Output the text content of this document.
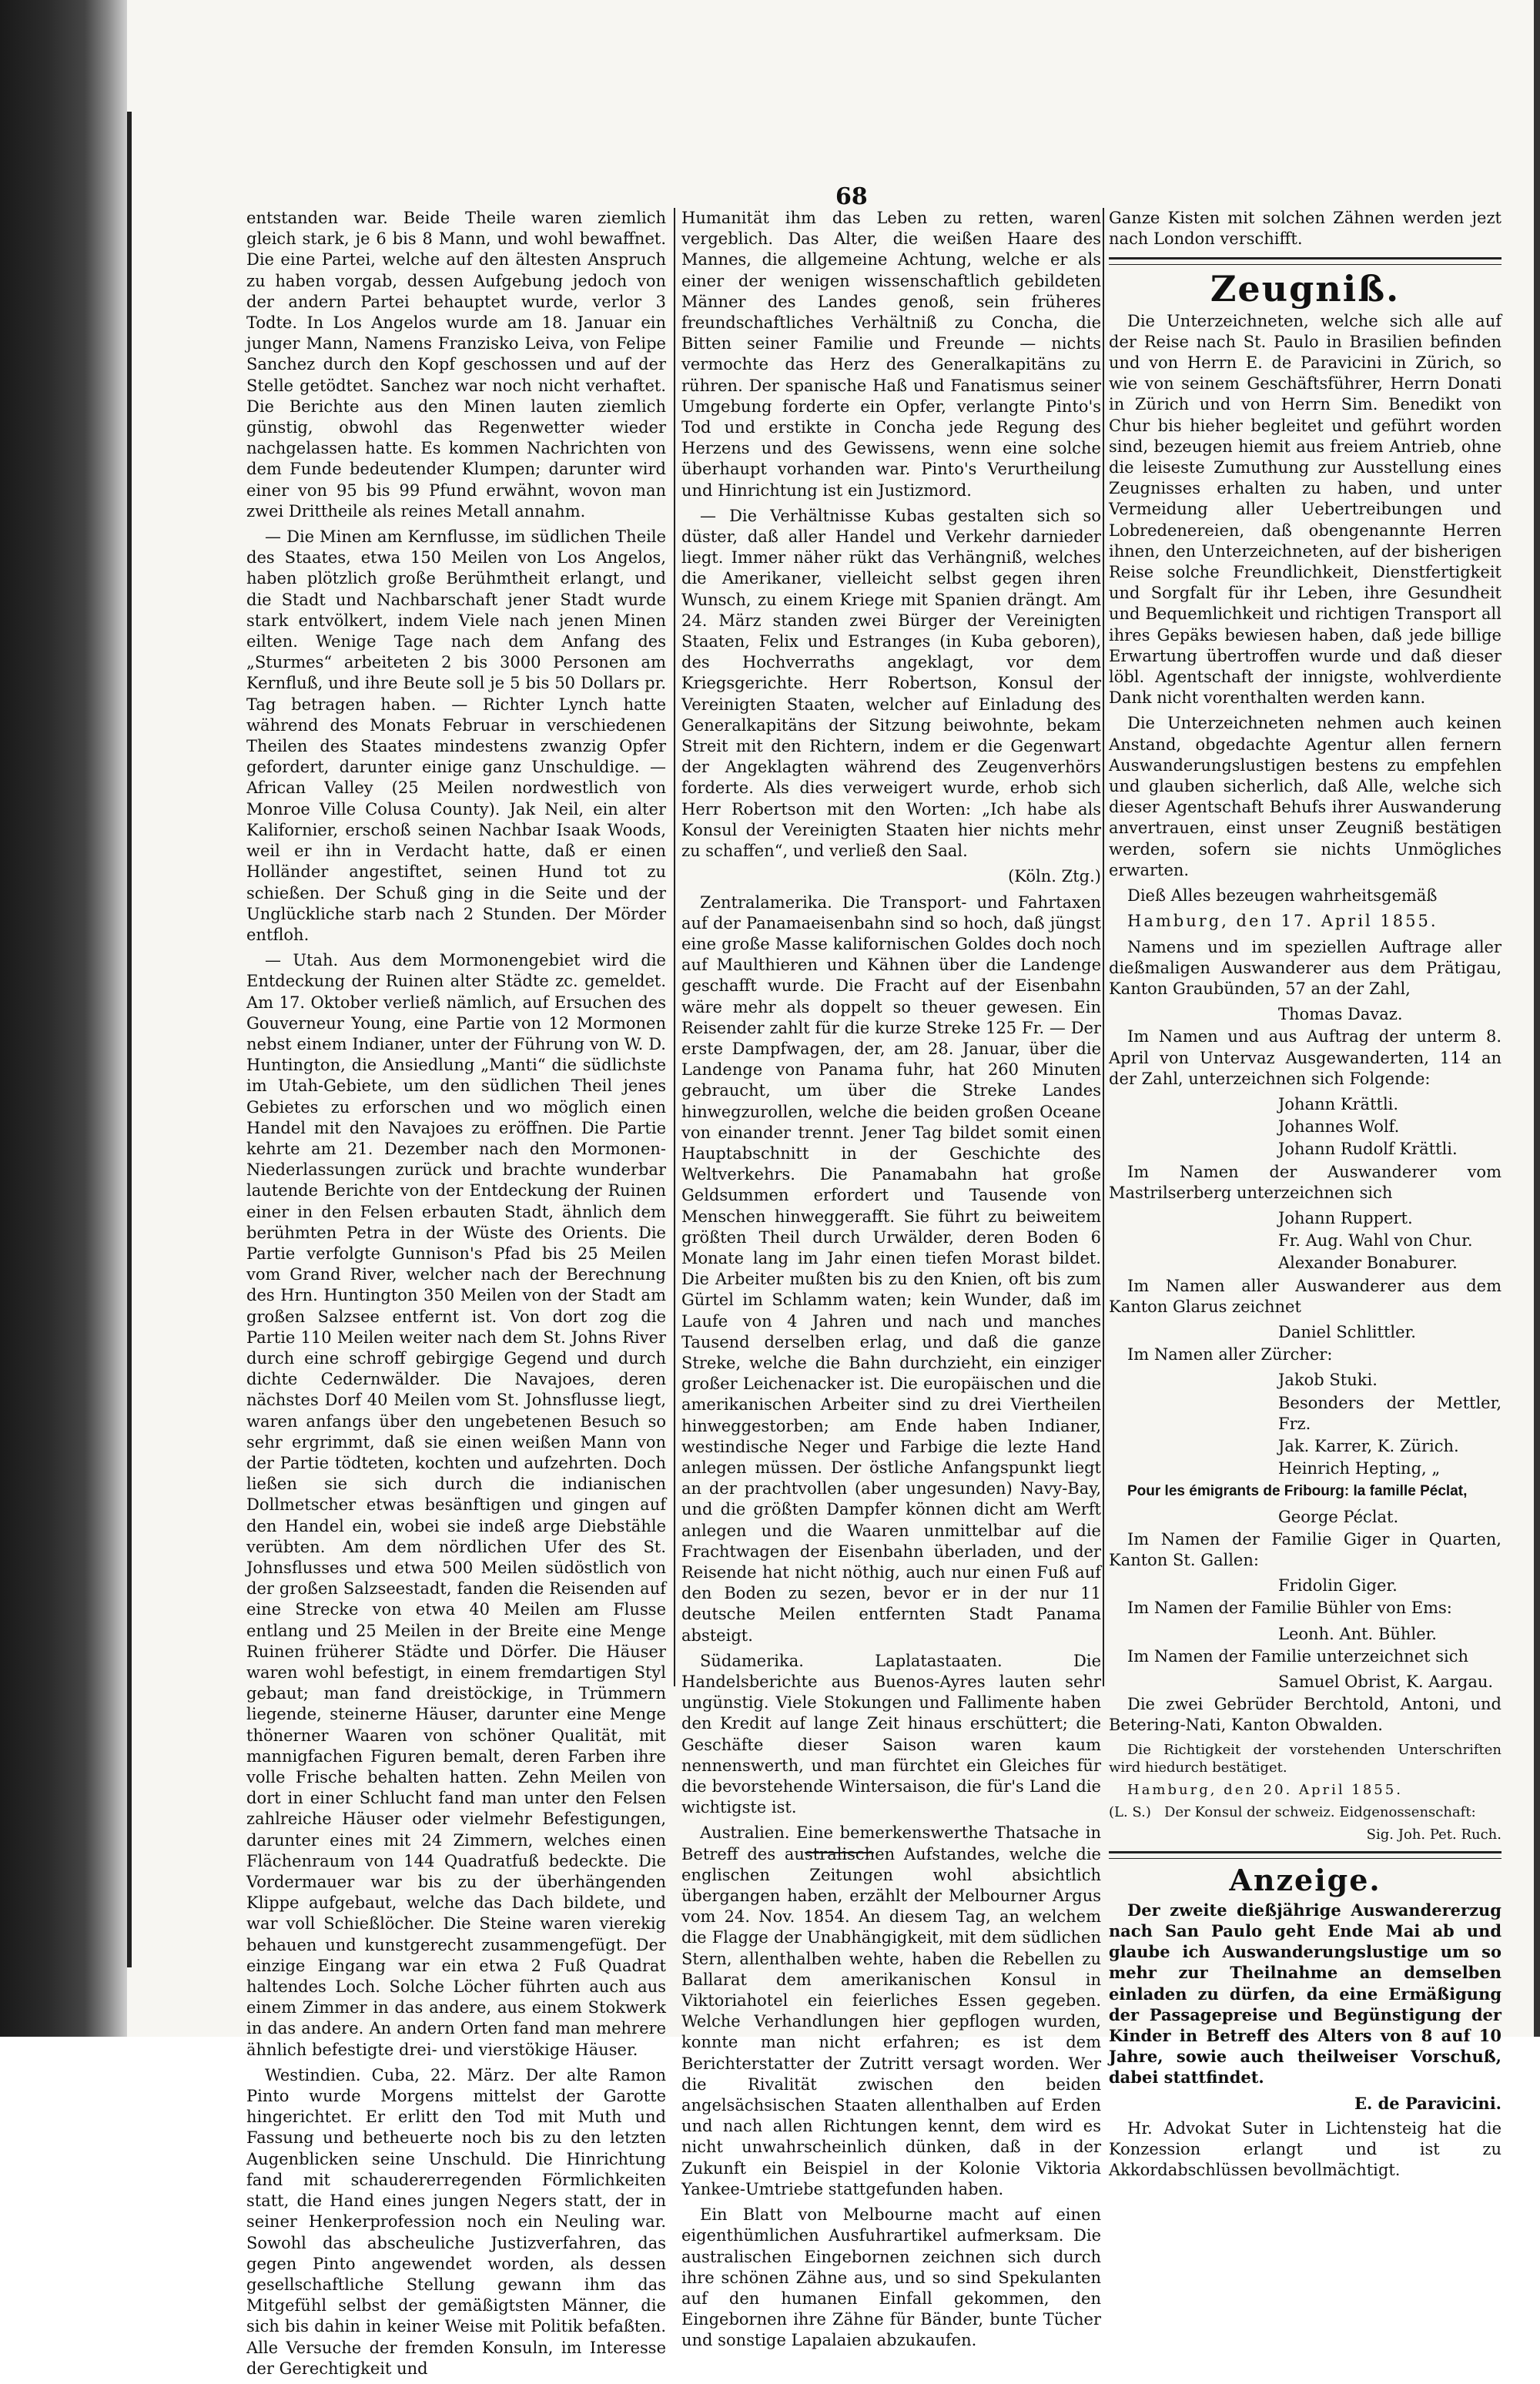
68

entstanden war. Beide Theile waren ziemlich gleich stark, je 6 bis 8 Mann, und wohl bewaffnet. Die eine Partei, welche auf den ältesten Anspruch zu haben vorgab, dessen Aufgebung jedoch von der andern Partei behauptet wurde, verlor 3 Todte. In Los Angelos wurde am 18. Januar ein junger Mann, Namens Franzisko Leiva, von Felipe Sanchez durch den Kopf geschossen und auf der Stelle getödtet. Sanchez war noch nicht verhaftet. Die Berichte aus den Minen lauten ziemlich günstig, obwohl das Regenwetter wieder nachgelassen hatte. Es kommen Nachrichten von dem Funde bedeutender Klumpen; darunter wird einer von 95 bis 99 Pfund erwähnt, wovon man zwei Drittheile als reines Metall annahm.

— Die Minen am Kernflusse, im südlichen Theile des Staates, etwa 150 Meilen von Los Angelos, haben plötzlich große Berühmtheit erlangt, und die Stadt und Nachbarschaft jener Stadt wurde stark entvölkert, indem Viele nach jenen Minen eilten. Wenige Tage nach dem Anfang des „Sturmes“ arbeiteten 2 bis 3000 Personen am Kernfluß, und ihre Beute soll je 5 bis 50 Dollars pr. Tag betragen haben. — Richter Lynch hatte während des Monats Februar in verschiedenen Theilen des Staates mindestens zwanzig Opfer gefordert, darunter einige ganz Unschuldige. — African Valley (25 Meilen nordwestlich von Monroe Ville Colusa County). Jak Neil, ein alter Kalifornier, erschoß seinen Nachbar Isaak Woods, weil er ihn in Verdacht hatte, daß er einen Holländer angestiftet, seinen Hund tot zu schießen. Der Schuß ging in die Seite und der Unglückliche starb nach 2 Stunden. Der Mörder entfloh.

— Utah. Aus dem Mormonengebiet wird die Entdeckung der Ruinen alter Städte zc. gemeldet. Am 17. Oktober verließ nämlich, auf Ersuchen des Gouverneur Young, eine Partie von 12 Mormonen nebst einem Indianer, unter der Führung von W. D. Huntington, die Ansiedlung „Manti“ die südlichste im Utah-Gebiete, um den südlichen Theil jenes Gebietes zu erforschen und wo möglich einen Handel mit den Navajoes zu eröffnen. Die Partie kehrte am 21. Dezember nach den Mormonen-Niederlassungen zurück und brachte wunderbar lautende Berichte von der Entdeckung der Ruinen einer in den Felsen erbauten Stadt, ähnlich dem berühmten Petra in der Wüste des Orients. Die Partie verfolgte Gunnison's Pfad bis 25 Meilen vom Grand River, welcher nach der Berechnung des Hrn. Huntington 350 Meilen von der Stadt am großen Salzsee entfernt ist. Von dort zog die Partie 110 Meilen weiter nach dem St. Johns River durch eine schroff gebirgige Gegend und durch dichte Cedernwälder. Die Navajoes, deren nächstes Dorf 40 Meilen vom St. Johnsflusse liegt, waren anfangs über den ungebetenen Besuch so sehr ergrimmt, daß sie einen weißen Mann von der Partie tödteten, kochten und aufzehrten. Doch ließen sie sich durch die indianischen Dollmetscher etwas besänftigen und gingen auf den Handel ein, wobei sie indeß arge Diebstähle verübten. Am dem nördlichen Ufer des St. Johnsflusses und etwa 500 Meilen südöstlich von der großen Salzseestadt, fanden die Reisenden auf eine Strecke von etwa 40 Meilen am Flusse entlang und 25 Meilen in der Breite eine Menge Ruinen früherer Städte und Dörfer. Die Häuser waren wohl befestigt, in einem fremdartigen Styl gebaut; man fand dreistöckige, in Trümmern liegende, steinerne Häuser, darunter eine Menge thönerner Waaren von schöner Qualität, mit mannigfachen Figuren bemalt, deren Farben ihre volle Frische behalten hatten. Zehn Meilen von dort in einer Schlucht fand man unter den Felsen zahlreiche Häuser oder vielmehr Befestigungen, darunter eines mit 24 Zimmern, welches einen Flächenraum von 144 Quadratfuß bedeckte. Die Vordermauer war bis zu der überhängenden Klippe aufgebaut, welche das Dach bildete, und war voll Schießlöcher. Die Steine waren vierekig behauen und kunstgerecht zusammengefügt. Der einzige Eingang war ein etwa 2 Fuß Quadrat haltendes Loch. Solche Löcher führten auch aus einem Zimmer in das andere, aus einem Stokwerk in das andere. An andern Orten fand man mehrere ähnlich befestigte drei- und vierstökige Häuser.

Westindien. Cuba, 22. März. Der alte Ramon Pinto wurde Morgens mittelst der Garotte hingerichtet. Er erlitt den Tod mit Muth und Fassung und betheuerte noch bis zu den letzten Augenblicken seine Unschuld. Die Hinrichtung fand mit schaudererregenden Förmlichkeiten statt, die Hand eines jungen Negers statt, der in seiner Henkerprofession noch ein Neuling war. Sowohl das abscheuliche Justizverfahren, das gegen Pinto angewendet worden, als dessen gesellschaftliche Stellung gewann ihm das Mitgefühl selbst der gemäßigtsten Männer, die sich bis dahin in keiner Weise mit Politik befaßten. Alle Versuche der fremden Konsuln, im Interesse der Gerechtigkeit und

Humanität ihm das Leben zu retten, waren vergeblich. Das Alter, die weißen Haare des Mannes, die allgemeine Achtung, welche er als einer der wenigen wissenschaftlich gebildeten Männer des Landes genoß, sein früheres freundschaftliches Verhältniß zu Concha, die Bitten seiner Familie und Freunde — nichts vermochte das Herz des Generalkapitäns zu rühren. Der spanische Haß und Fanatismus seiner Umgebung forderte ein Opfer, verlangte Pinto's Tod und erstikte in Concha jede Regung des Herzens und des Gewissens, wenn eine solche überhaupt vorhanden war. Pinto's Verurtheilung und Hinrichtung ist ein Justizmord.

— Die Verhältnisse Kubas gestalten sich so düster, daß aller Handel und Verkehr darnieder liegt. Immer näher rükt das Verhängniß, welches die Amerikaner, vielleicht selbst gegen ihren Wunsch, zu einem Kriege mit Spanien drängt. Am 24. März standen zwei Bürger der Vereinigten Staaten, Felix und Estranges (in Kuba geboren), des Hochverraths angeklagt, vor dem Kriegsgerichte. Herr Robertson, Konsul der Vereinigten Staaten, welcher auf Einladung des Generalkapitäns der Sitzung beiwohnte, bekam Streit mit den Richtern, indem er die Gegenwart der Angeklagten während des Zeugenverhörs forderte. Als dies verweigert wurde, erhob sich Herr Robertson mit den Worten: „Ich habe als Konsul der Vereinigten Staaten hier nichts mehr zu schaffen“, und verließ den Saal.

(Köln. Ztg.)

Zentralamerika. Die Transport- und Fahrtaxen auf der Panamaeisenbahn sind so hoch, daß jüngst eine große Masse kalifornischen Goldes doch noch auf Maulthieren und Kähnen über die Landenge geschafft wurde. Die Fracht auf der Eisenbahn wäre mehr als doppelt so theuer gewesen. Ein Reisender zahlt für die kurze Streke 125 Fr. — Der erste Dampfwagen, der, am 28. Januar, über die Landenge von Panama fuhr, hat 260 Minuten gebraucht, um über die Streke Landes hinwegzurollen, welche die beiden großen Oceane von einander trennt. Jener Tag bildet somit einen Hauptabschnitt in der Geschichte des Weltverkehrs. Die Panamabahn hat große Geldsummen erfordert und Tausende von Menschen hinweggerafft. Sie führt zu beiweitem größten Theil durch Urwälder, deren Boden 6 Monate lang im Jahr einen tiefen Morast bildet. Die Arbeiter mußten bis zu den Knien, oft bis zum Gürtel im Schlamm waten; kein Wunder, daß im Laufe von 4 Jahren und nach und manches Tausend derselben erlag, und daß die ganze Streke, welche die Bahn durchzieht, ein einziger großer Leichenacker ist. Die europäischen und die amerikanischen Arbeiter sind zu drei Viertheilen hinweggestorben; am Ende haben Indianer, westindische Neger und Farbige die lezte Hand anlegen müssen. Der östliche Anfangspunkt liegt an der prachtvollen (aber ungesunden) Navy-Bay, und die größten Dampfer können dicht am Werft anlegen und die Waaren unmittelbar auf die Frachtwagen der Eisenbahn überladen, und der Reisende hat nicht nöthig, auch nur einen Fuß auf den Boden zu sezen, bevor er in der nur 11 deutsche Meilen entfernten Stadt Panama absteigt.

Südamerika. Laplatastaaten. Die Handelsberichte aus Buenos-Ayres lauten sehr ungünstig. Viele Stokungen und Fallimente haben den Kredit auf lange Zeit hinaus erschüttert; die Geschäfte dieser Saison waren kaum nennenswerth, und man fürchtet ein Gleiches für die bevorstehende Wintersaison, die für's Land die wichtigste ist.

Australien. Eine bemerkenswerthe Thatsache in Betreff des australischen Aufstandes, welche die englischen Zeitungen wohl absichtlich übergangen haben, erzählt der Melbourner Argus vom 24. Nov. 1854. An diesem Tag, an welchem die Flagge der Unabhängigkeit, mit dem südlichen Stern, allenthalben wehte, haben die Rebellen zu Ballarat dem amerikanischen Konsul in Viktoriahotel ein feierliches Essen gegeben. Welche Verhandlungen hier gepflogen wurden, konnte man nicht erfahren; es ist dem Berichterstatter der Zutritt versagt worden. Wer die Rivalität zwischen den beiden angelsächsischen Staaten allenthalben auf Erden und nach allen Richtungen kennt, dem wird es nicht unwahrscheinlich dünken, daß in der Zukunft ein Beispiel in der Kolonie Viktoria Yankee-Umtriebe stattgefunden haben.

Ein Blatt von Melbourne macht auf einen eigenthümlichen Ausfuhrartikel aufmerksam. Die australischen Eingebornen zeichnen sich durch ihre schönen Zähne aus, und so sind Spekulanten auf den humanen Einfall gekommen, den Eingebornen ihre Zähne für Bänder, bunte Tücher und sonstige Lapalaien abzukaufen.

Ganze Kisten mit solchen Zähnen werden jezt nach London verschifft.

Zeugniß.

Die Unterzeichneten, welche sich alle auf der Reise nach St. Paulo in Brasilien befinden und von Herrn E. de Paravicini in Zürich, so wie von seinem Geschäftsführer, Herrn Donati in Zürich und von Herrn Sim. Benedikt von Chur bis hieher begleitet und geführt worden sind, bezeugen hiemit aus freiem Antrieb, ohne die leiseste Zumuthung zur Ausstellung eines Zeugnisses erhalten zu haben, und unter Vermeidung aller Uebertreibungen und Lobredenereien, daß obengenannte Herren ihnen, den Unterzeichneten, auf der bisherigen Reise solche Freundlichkeit, Dienstfertigkeit und Sorgfalt für ihr Leben, ihre Gesundheit und Bequemlichkeit und richtigen Transport all ihres Gepäks bewiesen haben, daß jede billige Erwartung übertroffen wurde und daß dieser löbl. Agentschaft der innigste, wohlverdiente Dank nicht vorenthalten werden kann.

Die Unterzeichneten nehmen auch keinen Anstand, obgedachte Agentur allen fernern Auswanderungslustigen bestens zu empfehlen und glauben sicherlich, daß Alle, welche sich dieser Agentschaft Behufs ihrer Auswanderung anvertrauen, einst unser Zeugniß bestätigen werden, sofern sie nichts Unmögliches erwarten.

Dieß Alles bezeugen wahrheitsgemäß

Hamburg, den 17. April 1855.

Namens und im speziellen Auftrage aller dießmaligen Auswanderer aus dem Prätigau, Kanton Graubünden, 57 an der Zahl,

Thomas Davaz.

Im Namen und aus Auftrag der unterm 8. April von Untervaz Ausgewanderten, 114 an der Zahl, unterzeichnen sich Folgende:

Johann Krättli.
Johannes Wolf.
Johann Rudolf Krättli.

Im Namen der Auswanderer vom Mastrilserberg unterzeichnen sich

Johann Ruppert.
Fr. Aug. Wahl von Chur.
Alexander Bonaburer.

Im Namen aller Auswanderer aus dem Kanton Glarus zeichnet

Daniel Schlittler.

Im Namen aller Zürcher:

Jakob Stuki.
Besonders der Mettler, Frz.
Jak. Karrer, K. Zürich.
Heinrich Hepting, „

Pour les émigrants de Fribourg: la famille Péclat,

George Péclat.

Im Namen der Familie Giger in Quarten, Kanton St. Gallen:

Fridolin Giger.

Im Namen der Familie Bühler von Ems:

Leonh. Ant. Bühler.

Im Namen der Familie unterzeichnet sich

Samuel Obrist, K. Aargau.

Die zwei Gebrüder Berchtold, Antoni, und Betering-Nati, Kanton Obwalden.

Die Richtigkeit der vorstehenden Unterschriften wird hiedurch bestätiget.

Hamburg, den 20. April 1855.

(L. S.) Der Konsul der schweiz. Eidgenossenschaft:

Sig. Joh. Pet. Ruch.

Anzeige.

Der zweite dießjährige Auswandererzug nach San Paulo geht Ende Mai ab und glaube ich Auswanderungslustige um so mehr zur Theilnahme an demselben einladen zu dürfen, da eine Ermäßigung der Passagepreise und Begünstigung der Kinder in Betreff des Alters von 8 auf 10 Jahre, sowie auch theilweiser Vorschuß, dabei stattfindet.

E. de Paravicini.

Hr. Advokat Suter in Lichtensteig hat die Konzession erlangt und ist zu Akkordabschlüssen bevollmächtigt.
